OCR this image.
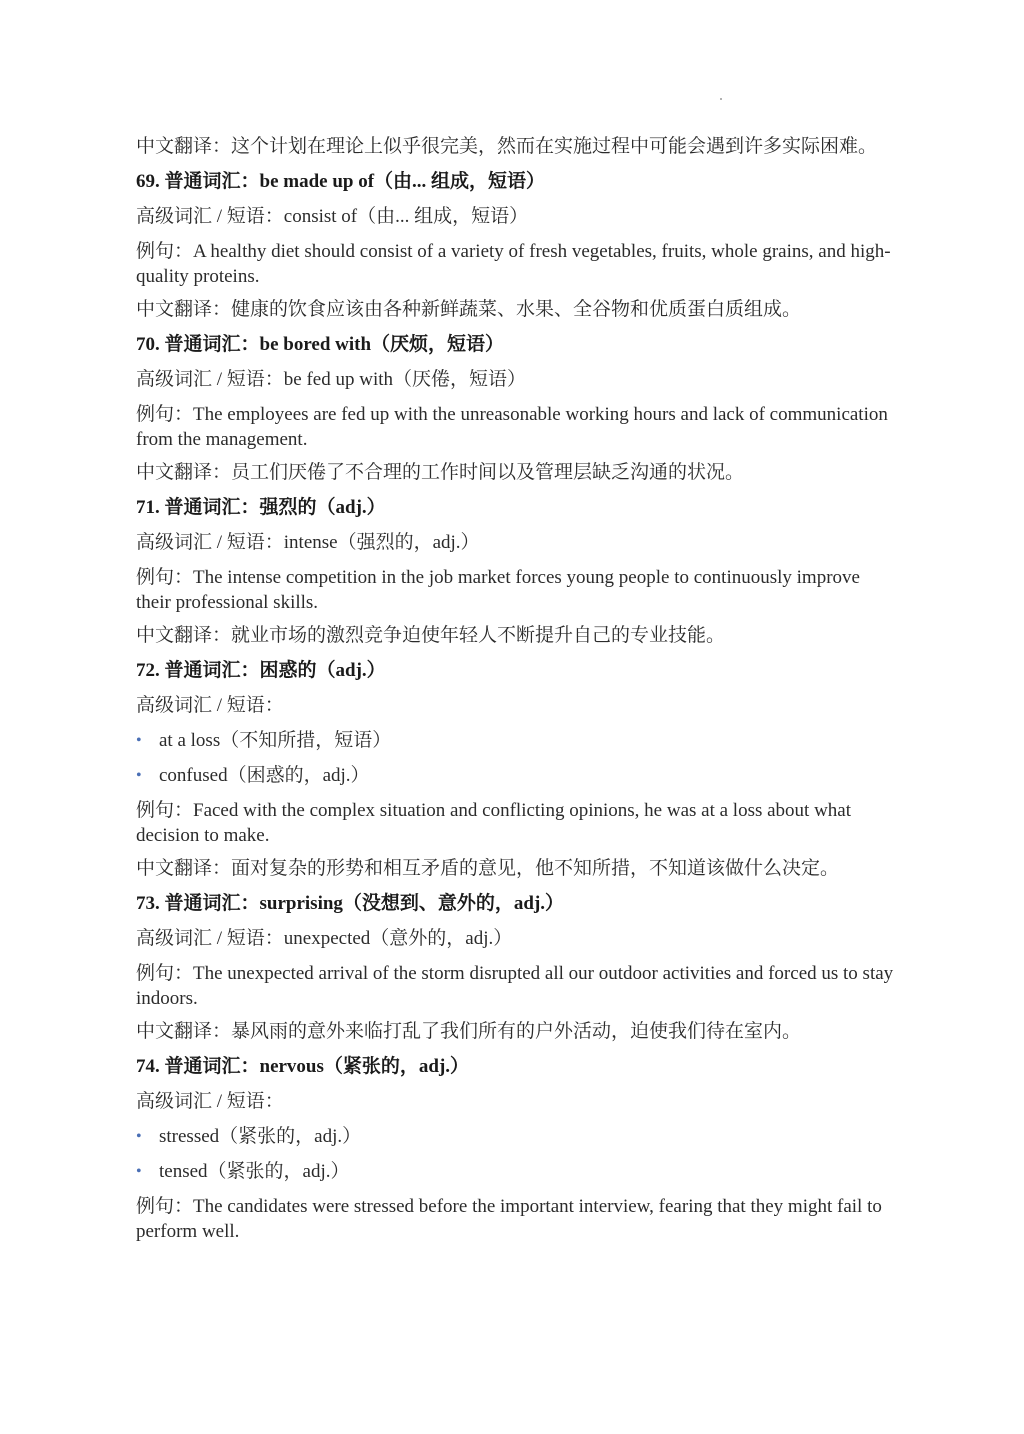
中文翻译：这个计划在理论上似乎很完美，然而在实施过程中可能会遇到许多实际困难。

69. 普通词汇：be made up of（由... 组成，短语）

高级词汇 / 短语：consist of（由... 组成，短语）

例句：A healthy diet should consist of a variety of fresh vegetables, fruits, whole grains, and high-quality proteins.

中文翻译：健康的饮食应该由各种新鲜蔬菜、水果、全谷物和优质蛋白质组成。

70. 普通词汇：be bored with（厌烦，短语）

高级词汇 / 短语：be fed up with（厌倦，短语）

例句：The employees are fed up with the unreasonable working hours and lack of communication from the management.

中文翻译：员工们厌倦了不合理的工作时间以及管理层缺乏沟通的状况。

71. 普通词汇：强烈的（adj.）

高级词汇 / 短语：intense（强烈的，adj.）

例句：The intense competition in the job market forces young people to continuously improve their professional skills.

中文翻译：就业市场的激烈竞争迫使年轻人不断提升自己的专业技能。

72. 普通词汇：困惑的（adj.）

高级词汇 / 短语：

• at a loss（不知所措，短语）

• confused（困惑的，adj.）

例句：Faced with the complex situation and conflicting opinions, he was at a loss about what decision to make.

中文翻译：面对复杂的形势和相互矛盾的意见，他不知所措，不知道该做什么决定。

73. 普通词汇：surprising（没想到、意外的，adj.）

高级词汇 / 短语：unexpected（意外的，adj.）

例句：The unexpected arrival of the storm disrupted all our outdoor activities and forced us to stay indoors.

中文翻译：暴风雨的意外来临打乱了我们所有的户外活动，迫使我们待在室内。

74. 普通词汇：nervous（紧张的，adj.）

高级词汇 / 短语：

• stressed（紧张的，adj.）

• tensed（紧张的，adj.）

例句：The candidates were stressed before the important interview, fearing that they might fail to perform well.
